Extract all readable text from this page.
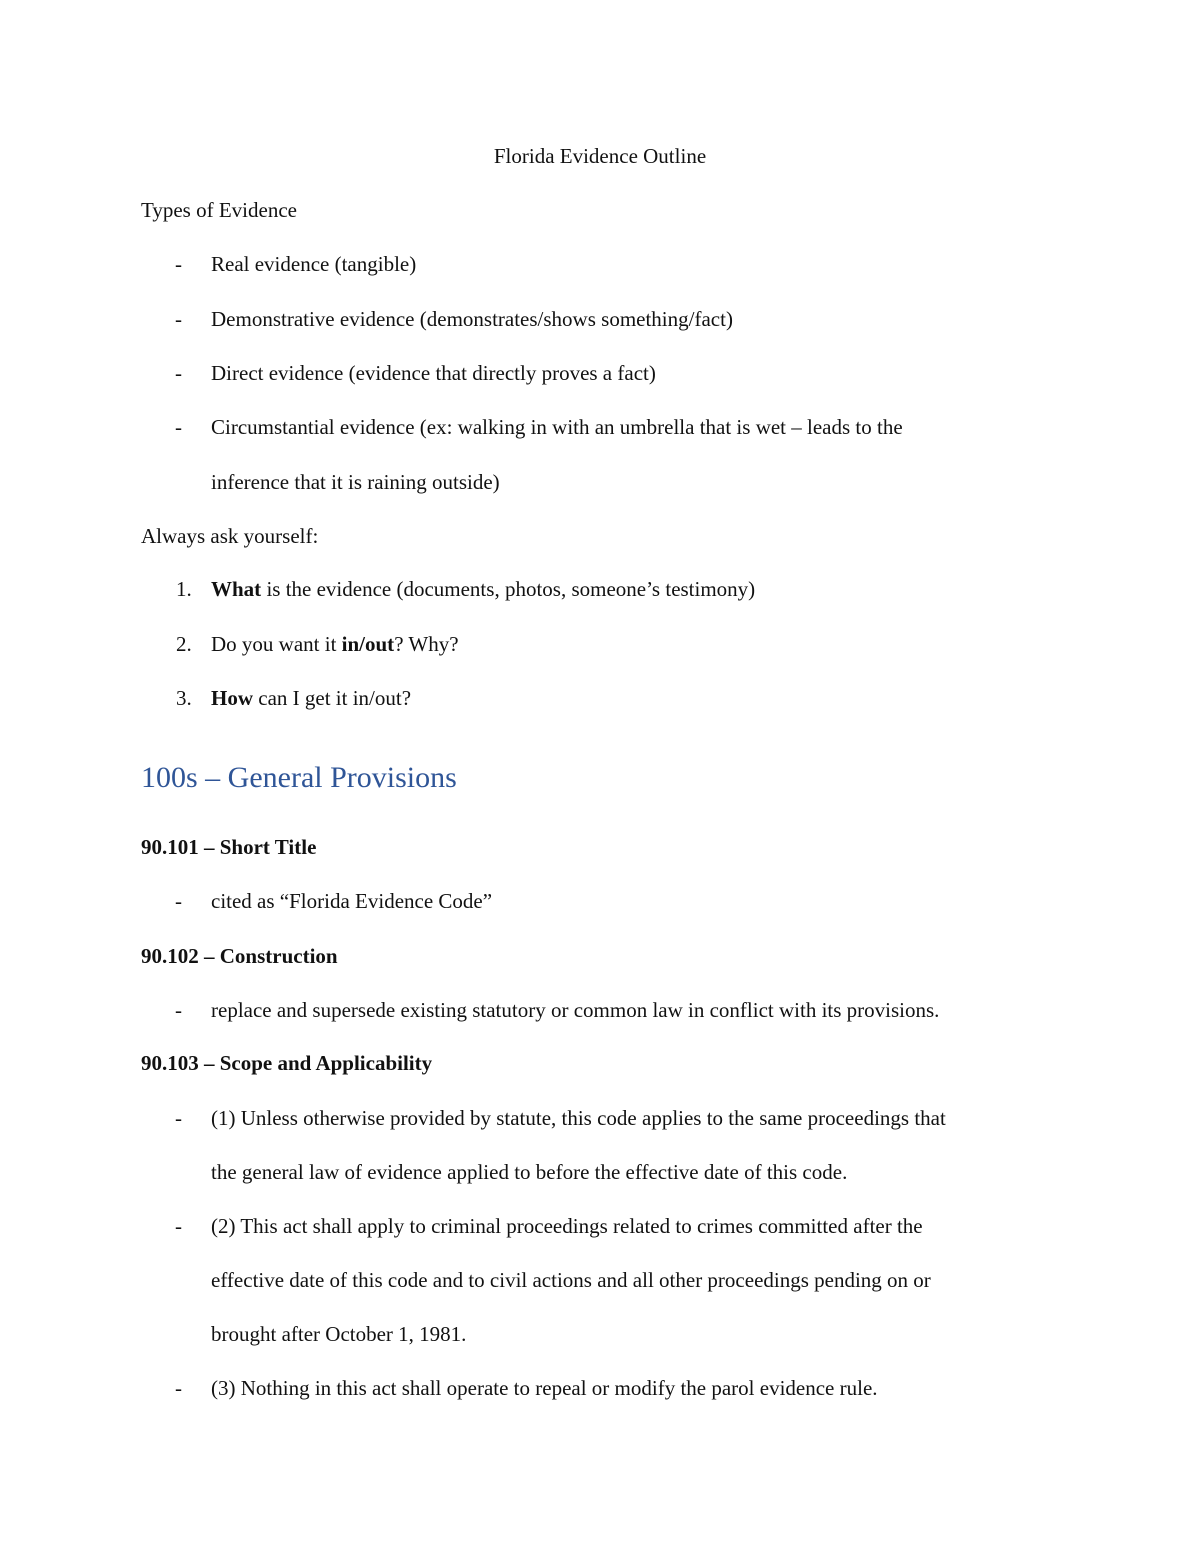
Florida Evidence Outline
Types of Evidence
- Real evidence (tangible)
- Demonstrative evidence (demonstrates/shows something/fact)
- Direct evidence (evidence that directly proves a fact)
- Circumstantial evidence (ex: walking in with an umbrella that is wet – leads to the
inference that it is raining outside)
Always ask yourself:
1. What is the evidence (documents, photos, someone’s testimony)
2. Do you want it in/out? Why?
3. How can I get it in/out?
100s – General Provisions
90.101 – Short Title
- cited as “Florida Evidence Code”
90.102 – Construction
- replace and supersede existing statutory or common law in conflict with its provisions.
90.103 – Scope and Applicability
- (1) Unless otherwise provided by statute, this code applies to the same proceedings that
the general law of evidence applied to before the effective date of this code.
- (2) This act shall apply to criminal proceedings related to crimes committed after the
effective date of this code and to civil actions and all other proceedings pending on or
brought after October 1, 1981.
- (3) Nothing in this act shall operate to repeal or modify the parol evidence rule.
